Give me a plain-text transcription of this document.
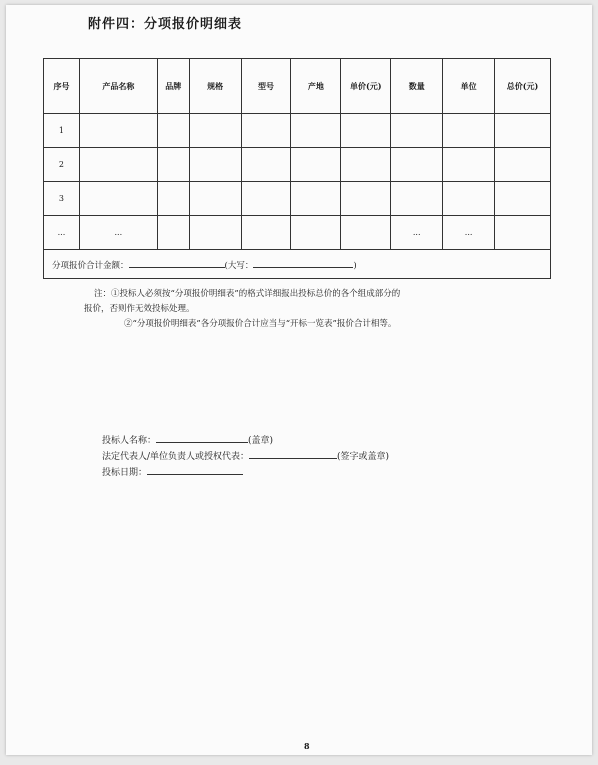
附件四：分项报价明细表
序号	产品名称	品牌	规格	型号	产地	单价(元)	数量	单位	总价(元)
1									
2									
3									
...	...						...	...	
分项报价合计金额： (大写： )									
注：①投标人必须按“分项报价明细表”的格式详细报出投标总价的各个组成部分的
报价，否则作无效投标处理。
②“分项报价明细表”各分项报价合计应当与“开标一览表”报价合计相等。
投标人名称：	(盖章)
法定代表人/单位负责人或授权代表：	(签字或盖章)
投标日期：
8
